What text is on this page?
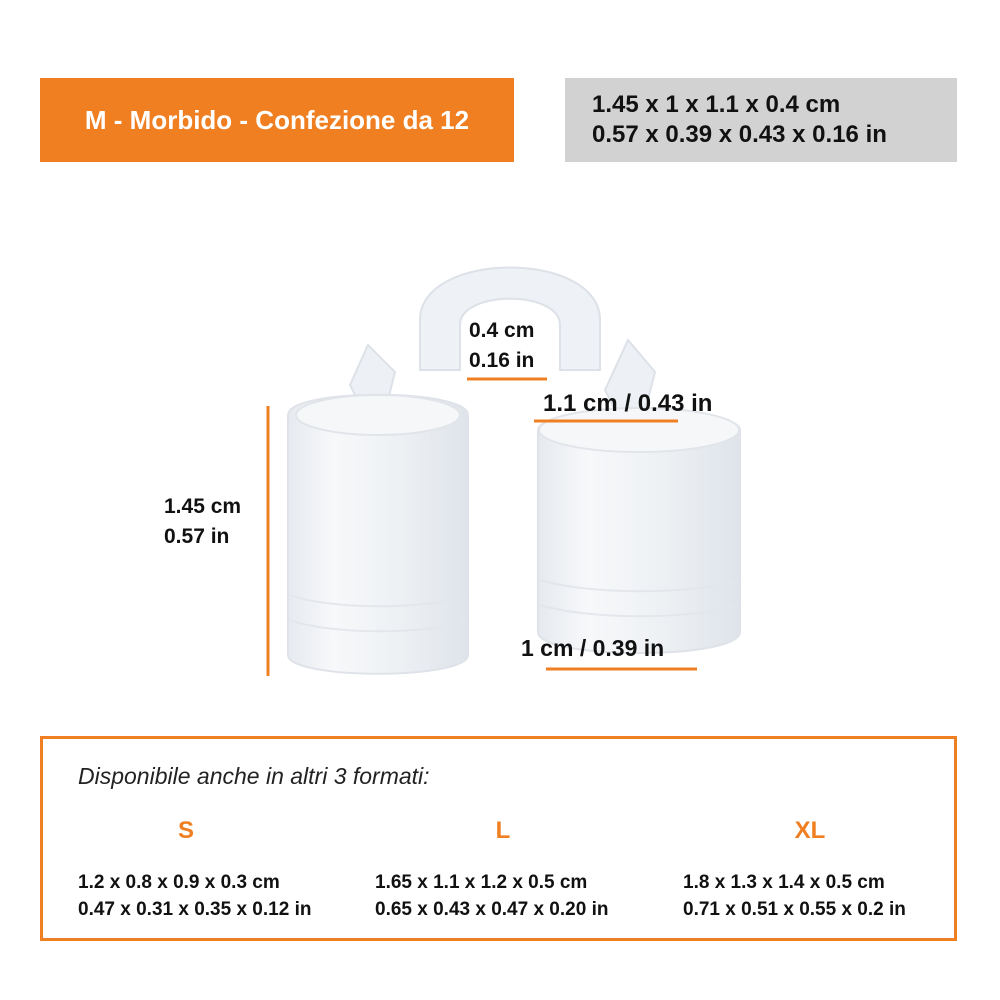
M - Morbido - Confezione da 12	1.45 x 1 x 1.1 x 0.4 cm
0.57 x 0.39 x 0.43 x 0.16 in
0.4 cm
0.16 in
1.1 cm / 0.43 in
1.45 cm
0.57 in
1 cm / 0.39 in
Disponibile anche in altri 3 formati:
S
1.2 x 0.8 x 0.9 x 0.3 cm
0.47 x 0.31 x 0.35 x 0.12 in
L
1.65 x 1.1 x 1.2 x 0.5 cm
0.65 x 0.43 x 0.47 x 0.20 in
XL
1.8 x 1.3 x 1.4 x 0.5 cm
0.71 x 0.51 x 0.55 x 0.2 in
